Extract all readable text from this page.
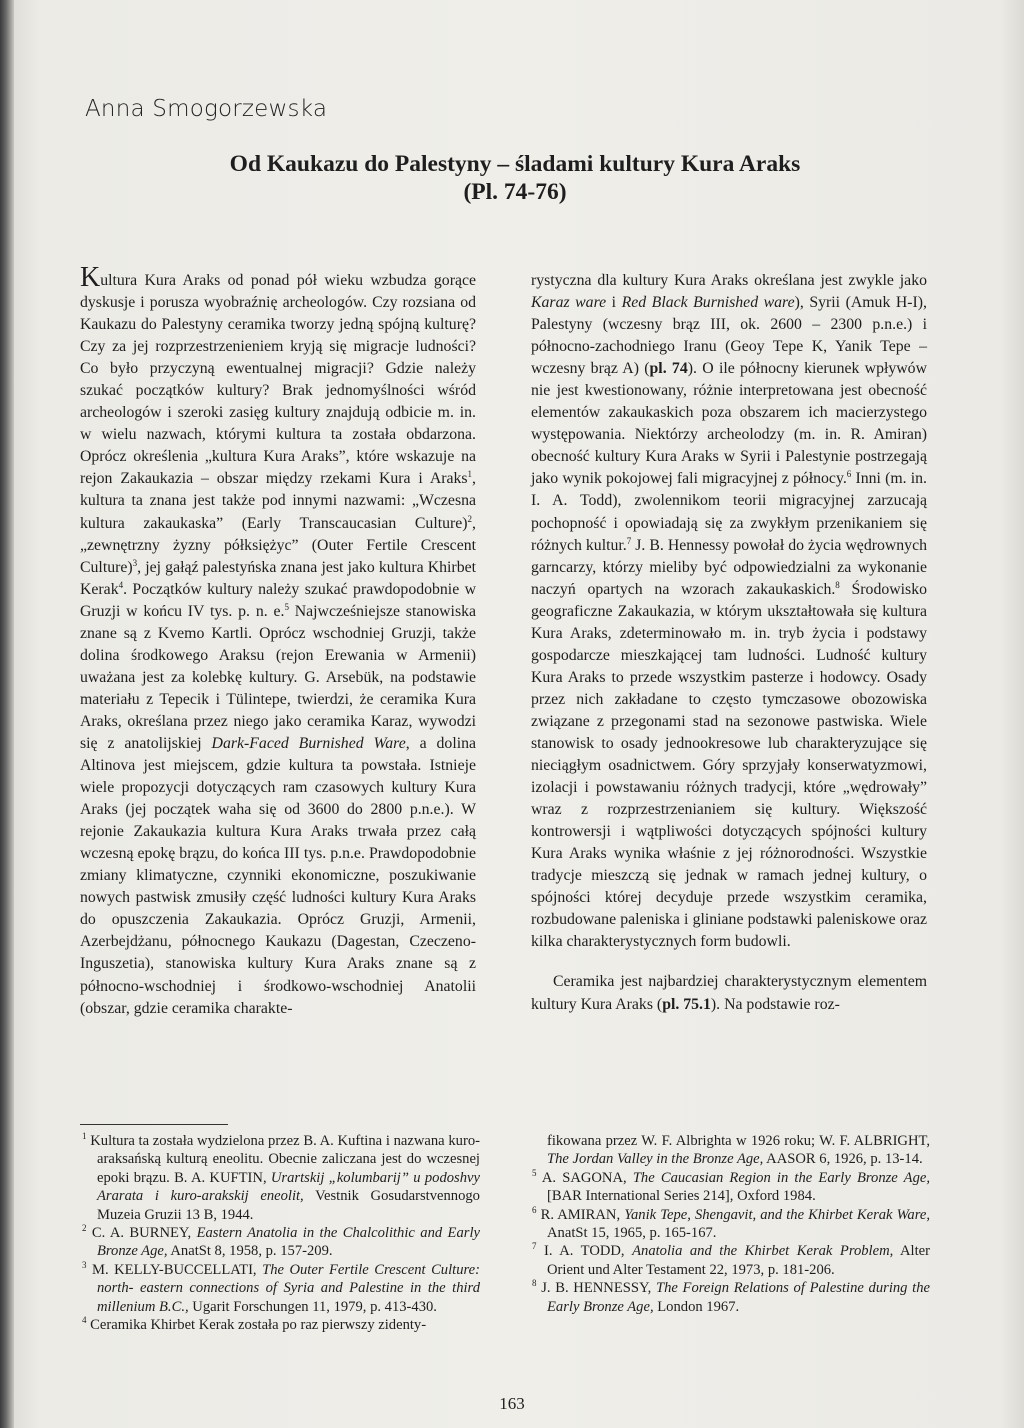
Anna Smogorzewska
Od Kaukazu do Palestyny – śladami kultury Kura Araks
(Pl. 74-76)

Kultura Kura Araks od ponad pół wieku wzbudza gorące dyskusje i porusza wyobraźnię archeologów. Czy rozsiana od Kaukazu do Palestyny ceramika tworzy jedną spójną kulturę? Czy za jej rozprzestrzenieniem kryją się migracje ludności? Co było przyczyną ewentualnej migracji? Gdzie należy szukać początków kultury? Brak jednomyślności wśród archeologów i szeroki zasięg kultury znajdują odbicie m. in. w wielu nazwach, którymi kultura ta została obdarzona. Oprócz określenia „kultura Kura Araks”, które wskazuje na rejon Zakaukazia – obszar między rzekami Kura i Araks$^1$, kultura ta znana jest także pod innymi nazwami: „Wczesna kultura zakaukaska” (Early Transcaucasian Culture)$^2$, „zewnętrzny żyzny półksiężyc” (Outer Fertile Crescent Culture)$^3$, jej gałąź palestyńska znana jest jako kultura Khirbet Kerak$^4$. Początków kultury należy szukać prawdopodobnie w Gruzji w końcu IV tys. p. n. e.$^5$ Najwcześniejsze stanowiska znane są z Kvemo Kartli. Oprócz wschodniej Gruzji, także dolina środkowego Araksu (rejon Erewania w Armenii) uważana jest za kolebkę kultury. G. Arsebük, na podstawie materiału z Tepecik i Tülintepe, twierdzi, że ceramika Kura Araks, określana przez niego jako ceramika Karaz, wywodzi się z anatolijskiej Dark-Faced Burnished Ware, a dolina Altinova jest miejscem, gdzie kultura ta powstała. Istnieje wiele propozycji dotyczących ram czasowych kultury Kura Araks (jej początek waha się od 3600 do 2800 p.n.e.). W rejonie Zakaukazia kultura Kura Araks trwała przez całą wczesną epokę brązu, do końca III tys. p.n.e. Prawdopodobnie zmiany klimatyczne, czynniki ekonomiczne, poszukiwanie nowych pastwisk zmusiły część ludności kultury Kura Araks do opuszczenia Zakaukazia. Oprócz Gruzji, Armenii, Azerbejdżanu, północnego Kaukazu (Dagestan, Czeczeno-Inguszetia), stanowiska kultury Kura Araks znane są z północno-wschodniej i środkowo-wschodniej Anatolii (obszar, gdzie ceramika charakte-

rystyczna dla kultury Kura Araks określana jest zwykle jako Karaz ware i Red Black Burnished ware), Syrii (Amuk H-I), Palestyny (wczesny brąz III, ok. 2600 – 2300 p.n.e.) i północno-zachodniego Iranu (Geoy Tepe K, Yanik Tepe – wczesny brąz A) (pl. 74). O ile północny kierunek wpływów nie jest kwestionowany, różnie interpretowana jest obecność elementów zakaukaskich poza obszarem ich macierzystego występowania. Niektórzy archeolodzy (m. in. R. Amiran) obecność kultury Kura Araks w Syrii i Palestynie postrzegają jako wynik pokojowej fali migracyjnej z północy.$^6$ Inni (m. in. I. A. Todd), zwolennikom teorii migracyjnej zarzucają pochopność i opowiadają się za zwykłym przenikaniem się różnych kultur.$^7$ J. B. Hennessy powołał do życia wędrownych garncarzy, którzy mieliby być odpowiedzialni za wykonanie naczyń opartych na wzorach zakaukaskich.$^8$ Środowisko geograficzne Zakaukazia, w którym ukształtowała się kultura Kura Araks, zdeterminowało m. in. tryb życia i podstawy gospodarcze mieszkającej tam ludności. Ludność kultury Kura Araks to przede wszystkim pasterze i hodowcy. Osady przez nich zakładane to często tymczasowe obozowiska związane z przegonami stad na sezonowe pastwiska. Wiele stanowisk to osady jednookresowe lub charakteryzujące się nieciągłym osadnictwem. Góry sprzyjały konserwatyzmowi, izolacji i powstawaniu różnych tradycji, które „wędrowały” wraz z rozprzestrzenianiem się kultury. Większość kontrowersji i wątpliwości dotyczących spójności kultury Kura Araks wynika właśnie z jej różnorodności. Wszystkie tradycje mieszczą się jednak w ramach jednej kultury, o spójności której decyduje przede wszystkim ceramika, rozbudowane paleniska i gliniane podstawki paleniskowe oraz kilka charakterystycznych form budowli.

Ceramika jest najbardziej charakterystycznym elementem kultury Kura Araks (pl. 75.1). Na podstawie roz-

$^1$ Kultura ta została wydzielona przez B. A. Kuftina i nazwana kuro-araksańską kulturą eneolitu. Obecnie zaliczana jest do wczesnej epoki brązu. B. A. KUFTIN, Urartskij „kolumbarij” u podoshvy Ararata i kuro-arakskij eneolit, Vestnik Gosudarstvennogo Muzeia Gruzii 13 B, 1944.

$^2$ C. A. BURNEY, Eastern Anatolia in the Chalcolithic and Early Bronze Age, AnatSt 8, 1958, p. 157-209.

$^3$ M. KELLY-BUCCELLATI, The Outer Fertile Crescent Culture: north- eastern connections of Syria and Palestine in the third millenium B.C., Ugarit Forschungen 11, 1979, p. 413-430.

$^4$ Ceramika Khirbet Kerak została po raz pierwszy zidenty-

fikowana przez W. F. Albrighta w 1926 roku; W. F. ALBRIGHT, The Jordan Valley in the Bronze Age, AASOR 6, 1926, p. 13-14.

$^5$ A. SAGONA, The Caucasian Region in the Early Bronze Age, [BAR International Series 214], Oxford 1984.

$^6$ R. AMIRAN, Yanik Tepe, Shengavit, and the Khirbet Kerak Ware, AnatSt 15, 1965, p. 165-167.

$^7$ I. A. TODD, Anatolia and the Khirbet Kerak Problem, Alter Orient und Alter Testament 22, 1973, p. 181-206.

$^8$ J. B. HENNESSY, The Foreign Relations of Palestine during the Early Bronze Age, London 1967.

163
